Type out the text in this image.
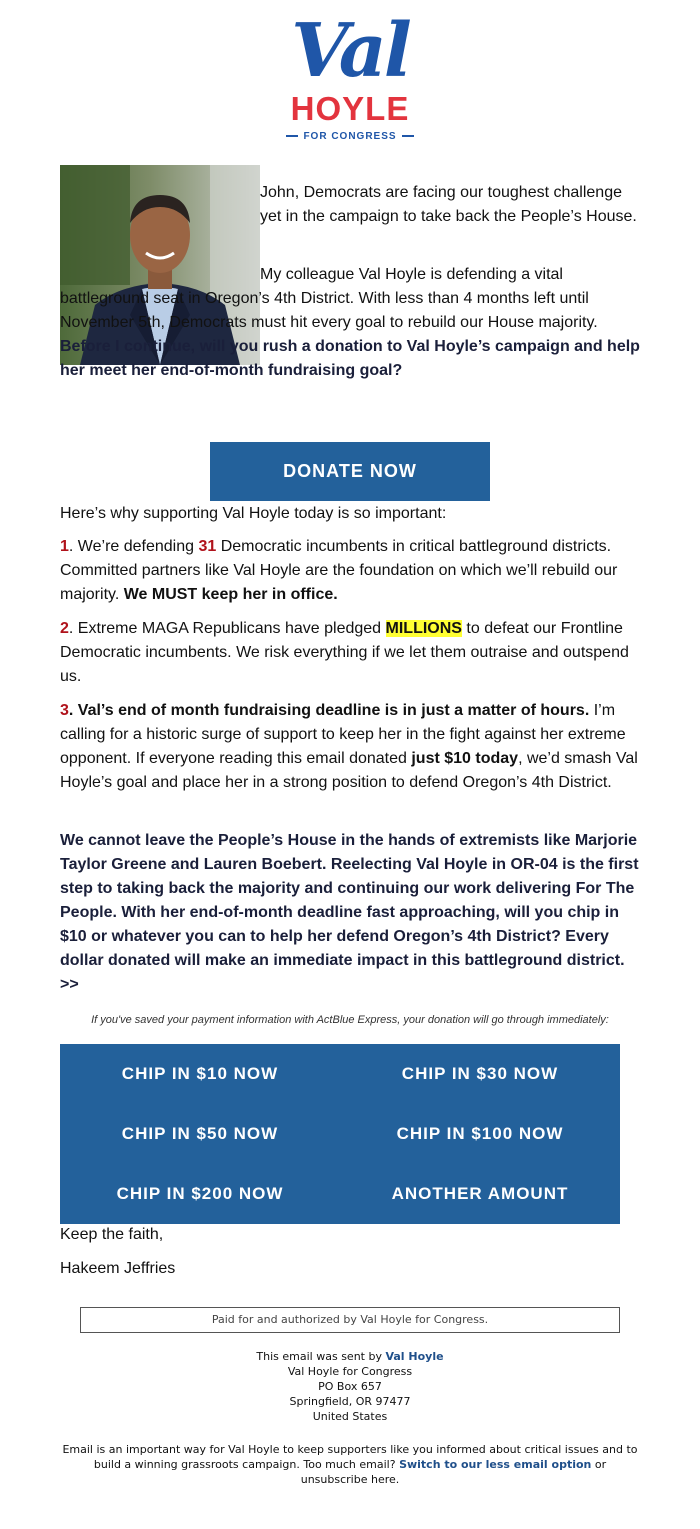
Val
HOYLE
FOR CONGRESS

John, Democrats are facing our toughest challenge yet in the campaign to take back the People’s House.

My colleague Val Hoyle is defending a vital battleground seat in Oregon’s 4th District. With less than 4 months left until November 5th, Democrats must hit every goal to rebuild our House majority. Before I continue, will you rush a donation to Val Hoyle’s campaign and help her meet her end-of-month fundraising goal?

DONATE NOW

Here’s why supporting Val Hoyle today is so important:

1. We’re defending 31 Democratic incumbents in critical battleground districts. Committed partners like Val Hoyle are the foundation on which we’ll rebuild our majority. We MUST keep her in office.

2. Extreme MAGA Republicans have pledged MILLIONS to defeat our Frontline Democratic incumbents. We risk everything if we let them outraise and outspend us.

3. Val’s end of month fundraising deadline is in just a matter of hours. I’m calling for a historic surge of support to keep her in the fight against her extreme opponent. If everyone reading this email donated just $10 today, we’d smash Val Hoyle’s goal and place her in a strong position to defend Oregon’s 4th District.

We cannot leave the People’s House in the hands of extremists like Marjorie Taylor Greene and Lauren Boebert. Reelecting Val Hoyle in OR-04 is the first step to taking back the majority and continuing our work delivering For The People. With her end-of-month deadline fast approaching, will you chip in $10 or whatever you can to help her defend Oregon’s 4th District? Every dollar donated will make an immediate impact in this battleground district. >>

If you've saved your payment information with ActBlue Express, your donation will go through immediately:
CHIP IN $10 NOW	CHIP IN $30 NOW
CHIP IN $50 NOW	CHIP IN $100 NOW
CHIP IN $200 NOW	ANOTHER AMOUNT

Keep the faith,

Hakeem Jeffries

Paid for and authorized by Val Hoyle for Congress.
This email was sent by Val Hoyle
Val Hoyle for Congress
PO Box 657
Springfield, OR 97477
United States
Email is an important way for Val Hoyle to keep supporters like you informed about critical issues and to build a winning grassroots campaign. Too much email? Switch to our less email option or unsubscribe here.
